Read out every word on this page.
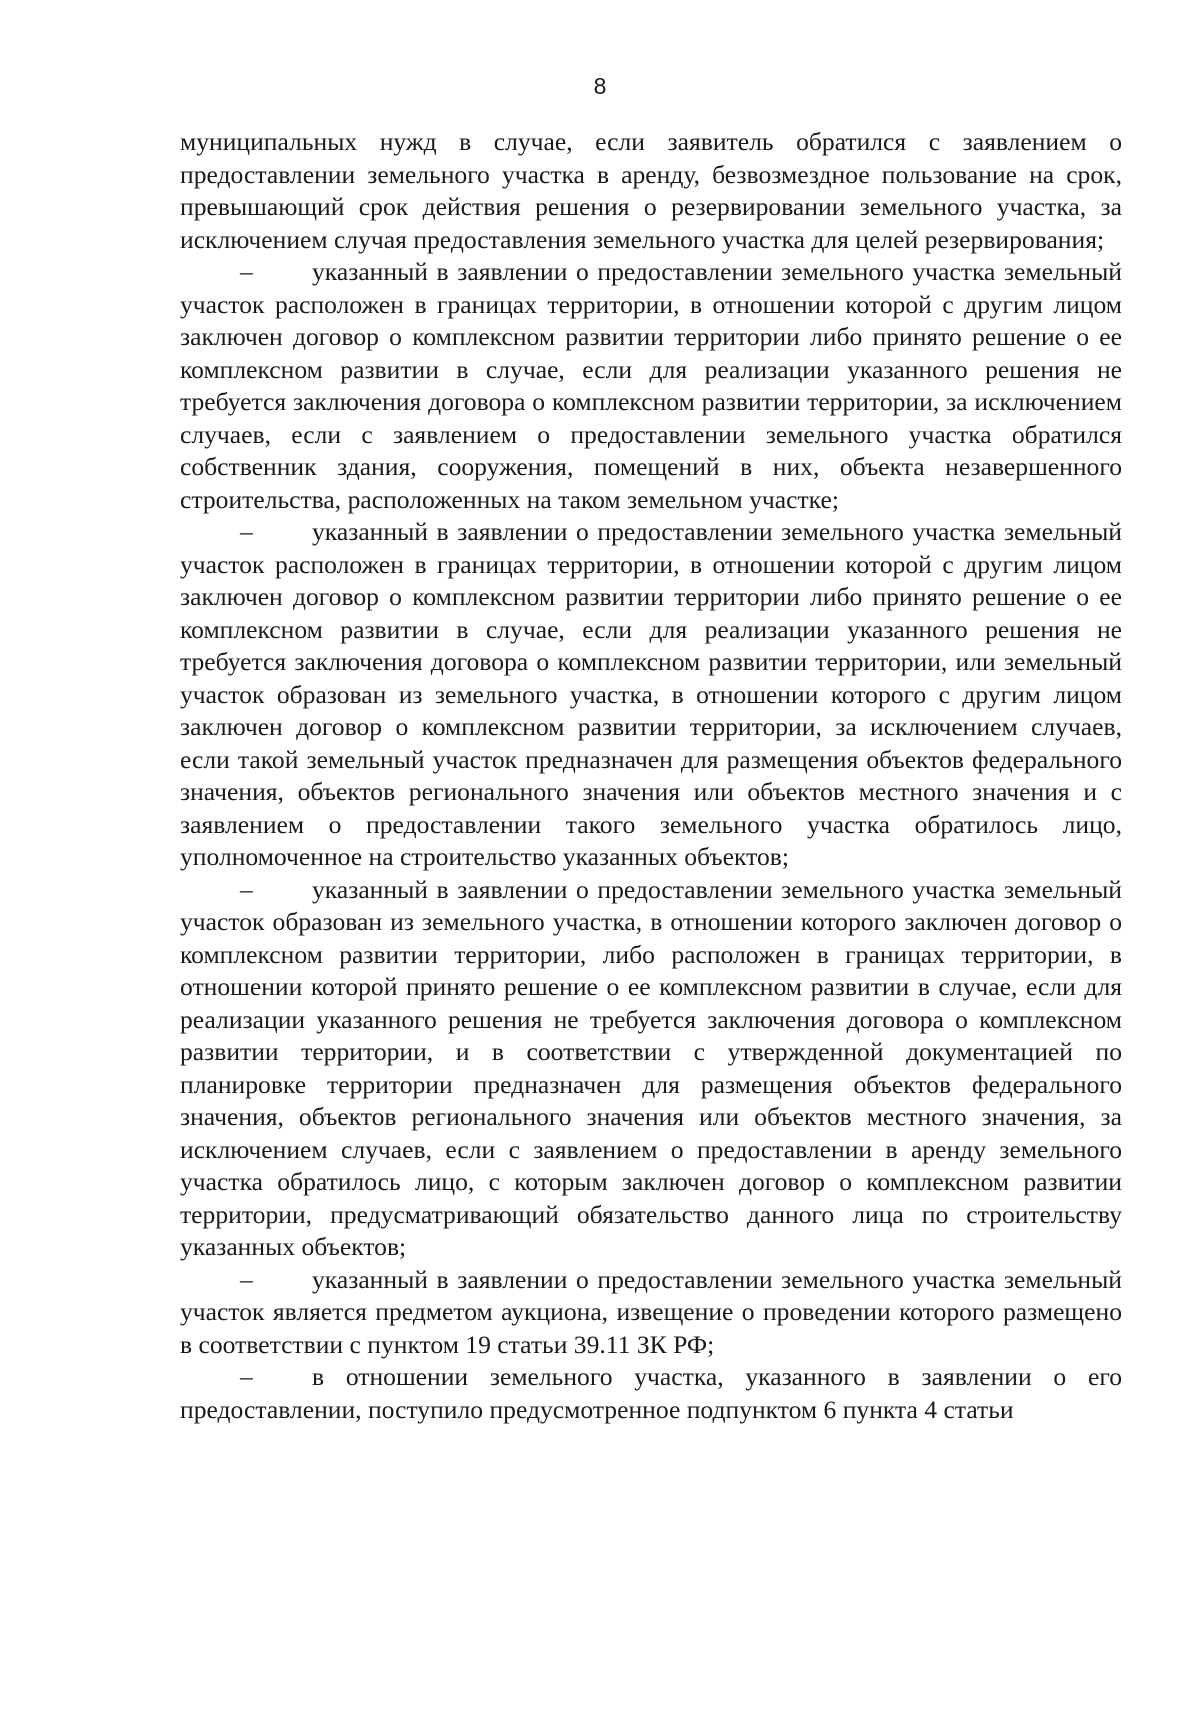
8

муниципальных нужд в случае, если заявитель обратился с заявлением о предоставлении земельного участка в аренду, безвозмездное пользование на срок, превышающий срок действия решения о резервировании земельного участка, за исключением случая предоставления земельного участка для целей резервирования;

– указанный в заявлении о предоставлении земельного участка земельный участок расположен в границах территории, в отношении которой с другим лицом заключен договор о комплексном развитии территории либо принято решение о ее комплексном развитии в случае, если для реализации указанного решения не требуется заключения договора о комплексном развитии территории, за исключением случаев, если с заявлением о предоставлении земельного участка обратился собственник здания, сооружения, помещений в них, объекта незавершенного строительства, расположенных на таком земельном участке;

– указанный в заявлении о предоставлении земельного участка земельный участок расположен в границах территории, в отношении которой с другим лицом заключен договор о комплексном развитии территории либо принято решение о ее комплексном развитии в случае, если для реализации указанного решения не требуется заключения договора о комплексном развитии территории, или земельный участок образован из земельного участка, в отношении которого с другим лицом заключен договор о комплексном развитии территории, за исключением случаев, если такой земельный участок предназначен для размещения объектов федерального значения, объектов регионального значения или объектов местного значения и с заявлением о предоставлении такого земельного участка обратилось лицо, уполномоченное на строительство указанных объектов;

– указанный в заявлении о предоставлении земельного участка земельный участок образован из земельного участка, в отношении которого заключен договор о комплексном развитии территории, либо расположен в границах территории, в отношении которой принято решение о ее комплексном развитии в случае, если для реализации указанного решения не требуется заключения договора о комплексном развитии территории, и в соответствии с утвержденной документацией по планировке территории предназначен для размещения объектов федерального значения, объектов регионального значения или объектов местного значения, за исключением случаев, если с заявлением о предоставлении в аренду земельного участка обратилось лицо, с которым заключен договор о комплексном развитии территории, предусматривающий обязательство данного лица по строительству указанных объектов;

– указанный в заявлении о предоставлении земельного участка земельный участок является предметом аукциона, извещение о проведении которого размещено в соответствии с пунктом 19 статьи 39.11 ЗК РФ;

– в отношении земельного участка, указанного в заявлении о его предоставлении, поступило предусмотренное подпунктом 6 пункта 4 статьи
